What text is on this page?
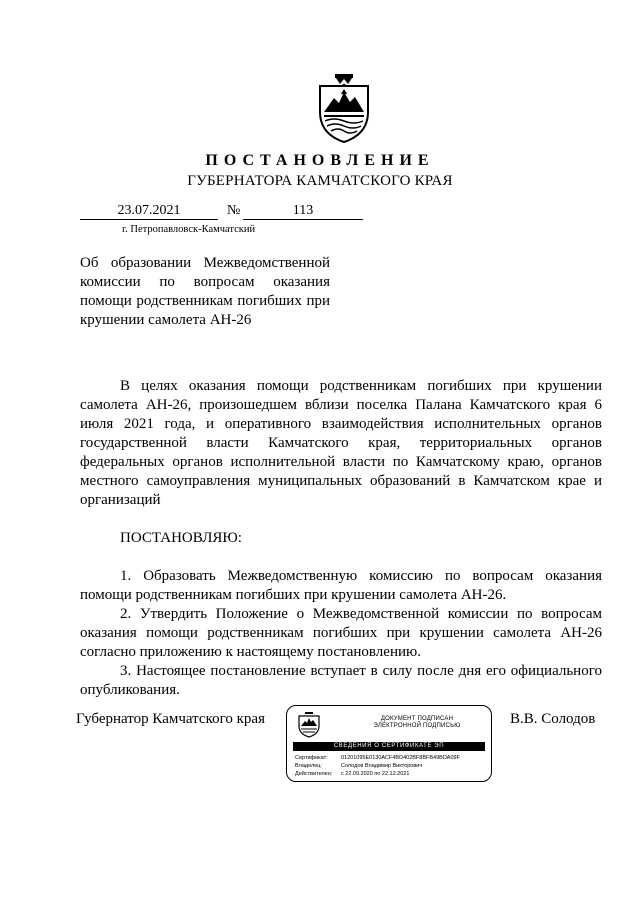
ПОСТАНОВЛЕНИЕ
ГУБЕРНАТОРА КАМЧАТСКОГО КРАЯ
23.07.2021	№	113
г. Петропавловск-Камчатский

Об образовании Межведомственной комиссии по вопросам оказания помощи родственникам погибших при крушении самолета АН-26

В целях оказания помощи родственникам погибших при крушении самолета АН-26, произошедшем вблизи поселка Палана Камчатского края 6 июля 2021 года, и оперативного взаимодействия исполнительных органов государственной власти Камчатского края, территориальных органов федеральных органов исполнительной власти по Камчатскому краю, органов местного самоуправления муниципальных образований в Камчатском крае и организаций

ПОСТАНОВЛЯЮ:

1. Образовать Межведомственную комиссию по вопросам оказания помощи родственникам погибших при крушении самолета АН-26.

2. Утвердить Положение о Межведомственной комиссии по вопросам оказания помощи родственникам погибших при крушении самолета АН-26 согласно приложению к настоящему постановлению.

3. Настоящее постановление вступает в силу после дня его официального опубликования.

Губернатор Камчатского края	В.В. Солодов
ДОКУМЕНТ ПОДПИСАН
ЭЛЕКТРОННОЙ ПОДПИСЬЮ
СВЕДЕНИЯ О СЕРТИФИКАТЕ ЭП
Сертификат:	01201095E0130ACF4BD402BF8BFB49BDA09F
Владелец:	Солодов Владимир Викторович
Действителен:	с 22.09.2020 по 22.12.2021
